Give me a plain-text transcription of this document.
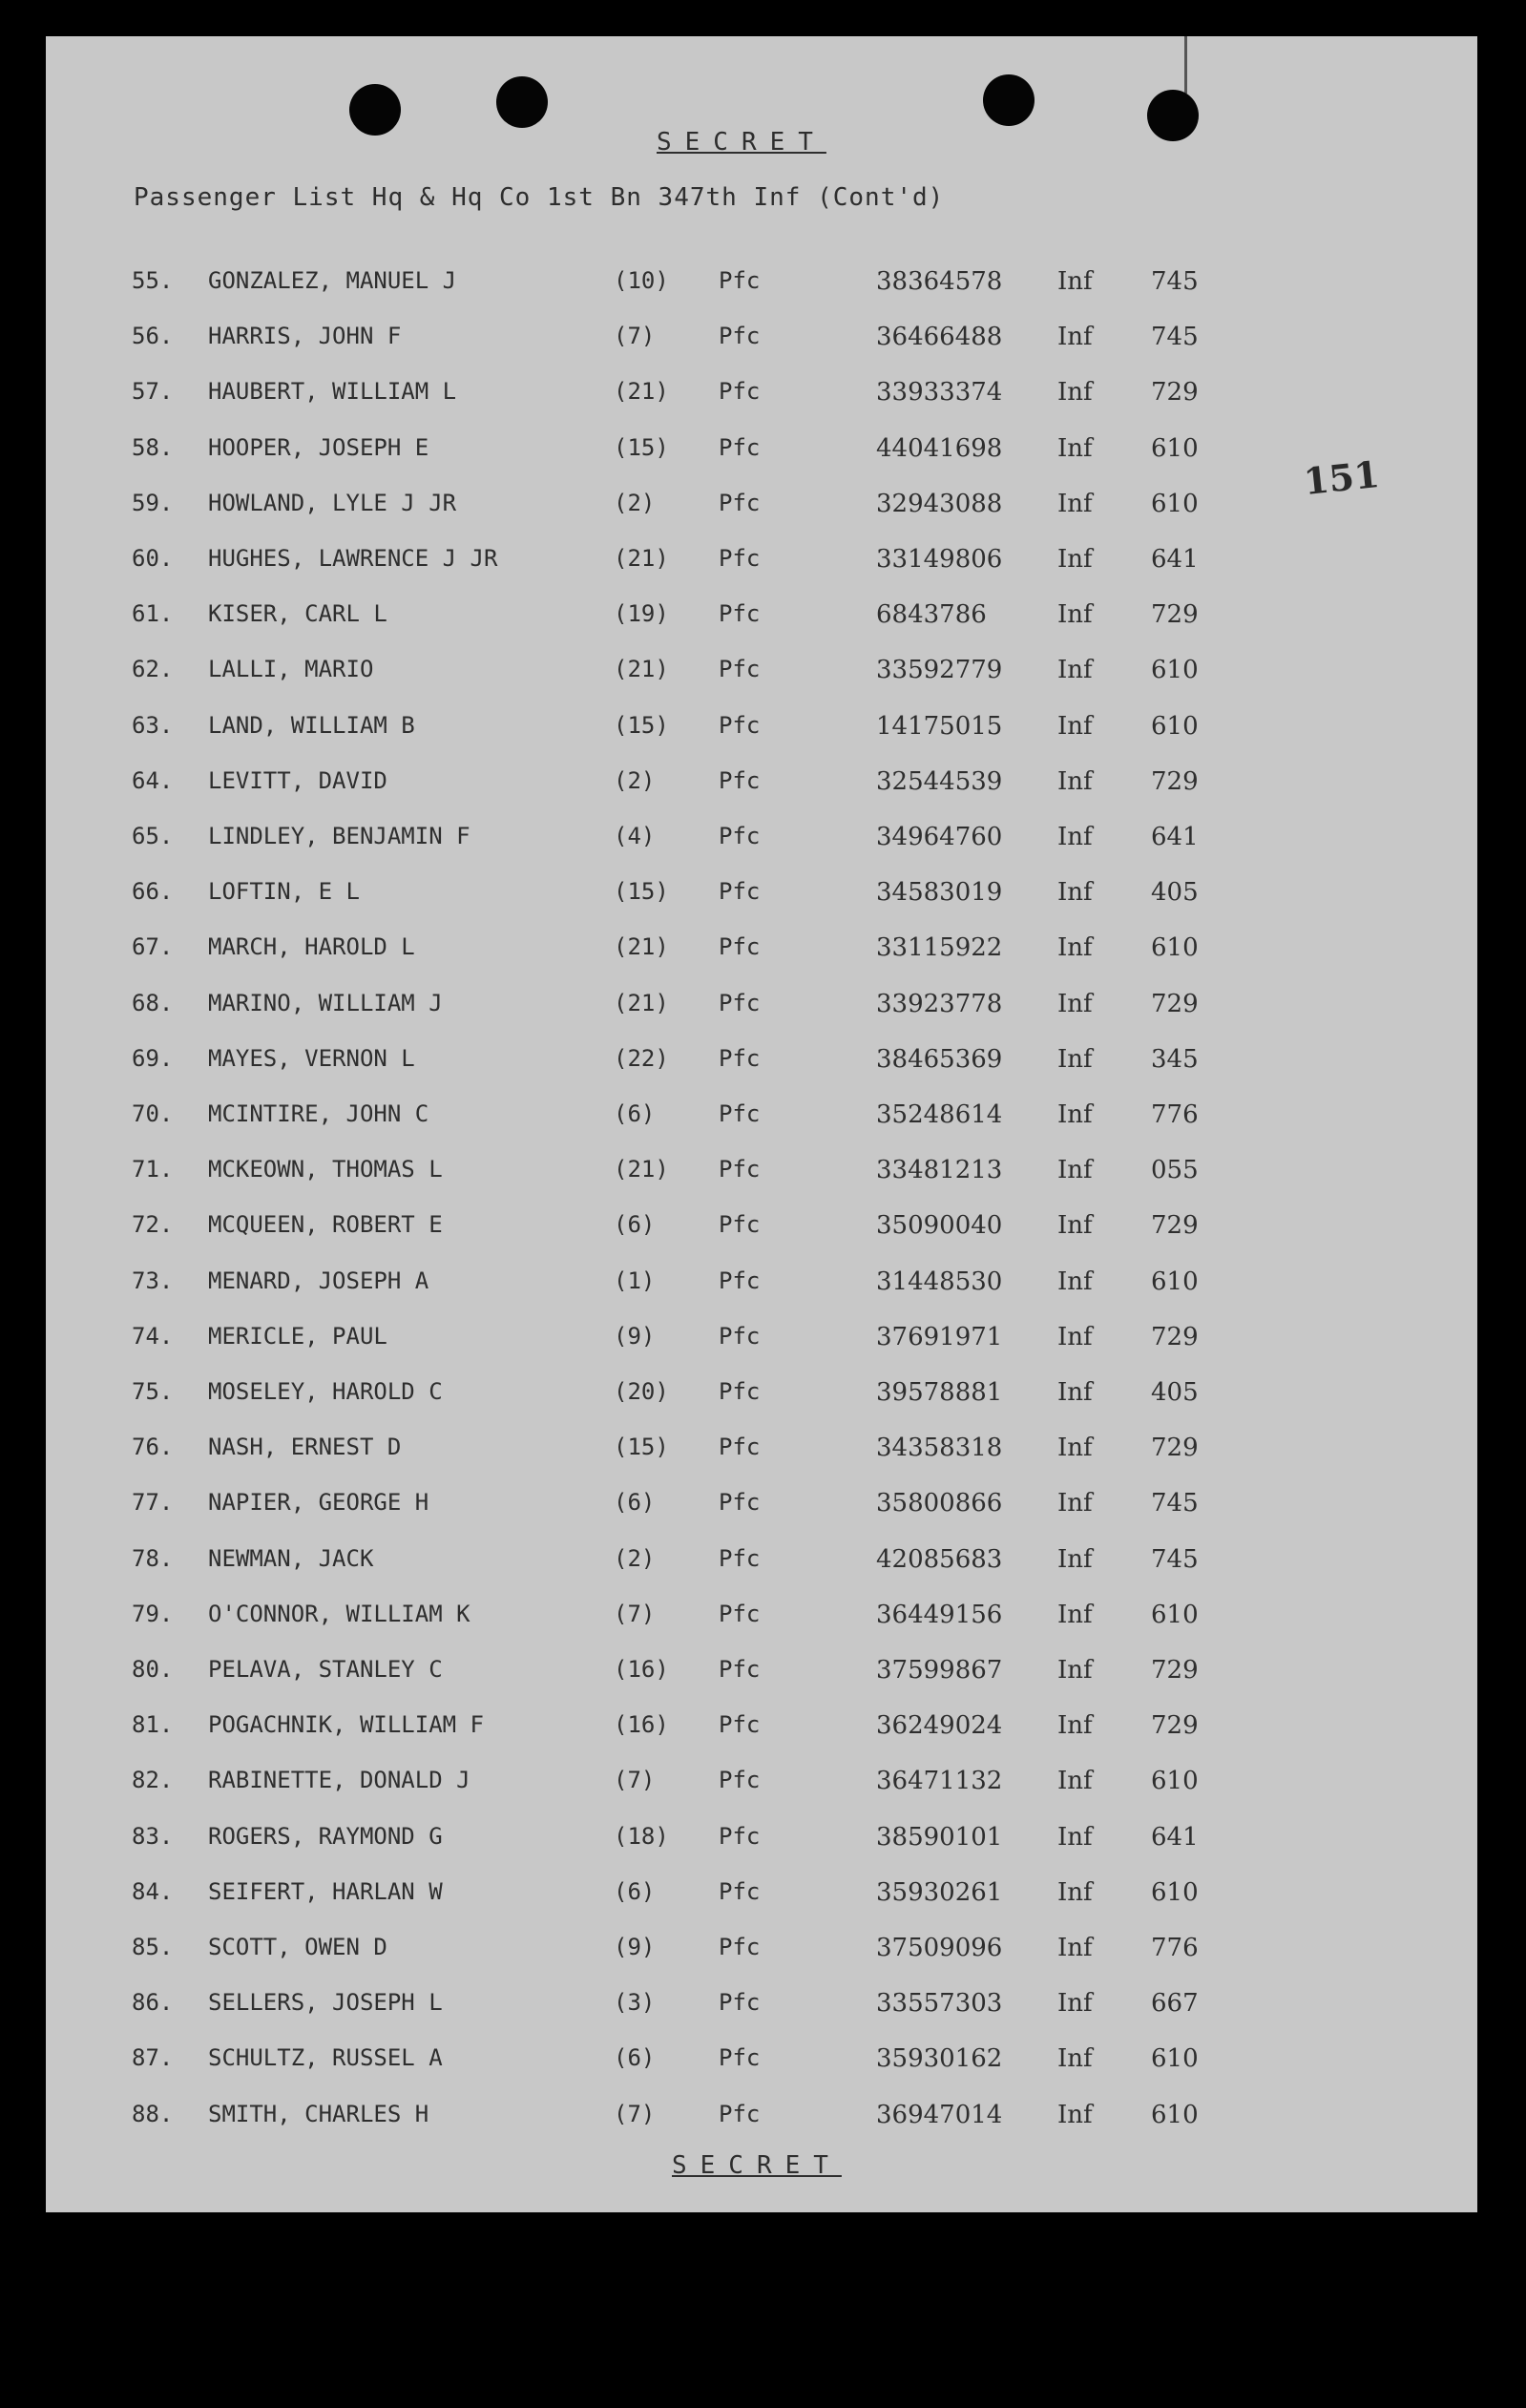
SECRET
Passenger List Hq & Hq Co 1st Bn 347th Inf (Cont'd)
151
55. GONZALEZ, MANUEL J	(10) Pfc	38364578 Inf 745
56. HARRIS, JOHN F	(7)	Pfc	36466488 Inf 745
57. HAUBERT, WILLIAM L	(21) Pfc	33933374 Inf 729
58. HOOPER, JOSEPH E	(15) Pfc	44041698 Inf 610
59. HOWLAND, LYLE J JR	(2)	Pfc	32943088 Inf 610
60. HUGHES, LAWRENCE J JR	(21) Pfc	33149806 Inf 641
61. KISER, CARL L	(19) Pfc	6843786	Inf 729
62. LALLI, MARIO	(21) Pfc	33592779 Inf 610
63. LAND, WILLIAM B	(15) Pfc	14175015 Inf 610
64. LEVITT, DAVID	(2)	Pfc	32544539 Inf 729
65. LINDLEY, BENJAMIN F	(4)	Pfc	34964760 Inf 641
66. LOFTIN, E L	(15) Pfc	34583019 Inf 405
67. MARCH, HAROLD L	(21) Pfc	33115922 Inf 610
68. MARINO, WILLIAM J	(21) Pfc	33923778 Inf 729
69. MAYES, VERNON L	(22) Pfc	38465369 Inf 345
70. MCINTIRE, JOHN C	(6)	Pfc	35248614 Inf 776
71. MCKEOWN, THOMAS L	(21) Pfc	33481213 Inf 055
72. MCQUEEN, ROBERT E	(6)	Pfc	35090040 Inf 729
73. MENARD, JOSEPH A	(1)	Pfc	31448530 Inf 610
74. MERICLE, PAUL	(9)	Pfc	37691971 Inf 729
75. MOSELEY, HAROLD C	(20) Pfc	39578881 Inf 405
76. NASH, ERNEST D	(15) Pfc	34358318 Inf 729
77. NAPIER, GEORGE H	(6)	Pfc	35800866 Inf 745
78. NEWMAN, JACK	(2)	Pfc	42085683 Inf 745
79. O'CONNOR, WILLIAM K	(7)	Pfc	36449156 Inf 610
80. PELAVA, STANLEY C	(16) Pfc	37599867 Inf 729
81. POGACHNIK, WILLIAM F	(16) Pfc	36249024 Inf 729
82. RABINETTE, DONALD J	(7)	Pfc	36471132 Inf 610
83. ROGERS, RAYMOND G	(18) Pfc	38590101 Inf 641
84. SEIFERT, HARLAN W	(6)	Pfc	35930261 Inf 610
85. SCOTT, OWEN D	(9)	Pfc	37509096 Inf 776
86. SELLERS, JOSEPH L	(3)	Pfc	33557303 Inf 667
87. SCHULTZ, RUSSEL A	(6)	Pfc	35930162 Inf 610
88. SMITH, CHARLES H	(7)	Pfc	36947014 Inf 610
SECRET
